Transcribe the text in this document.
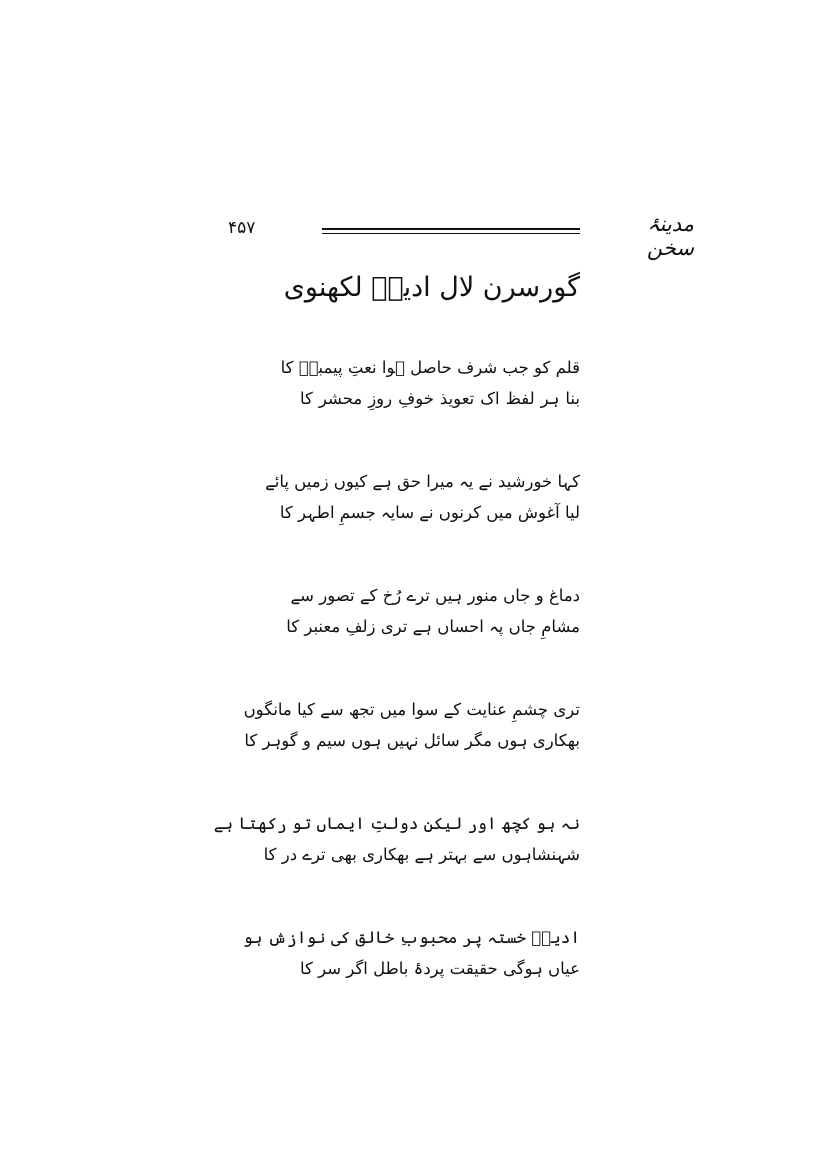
۴۵۷	مدینۂ سخن
گورسرن لال ادیبؔ لکھنوی
قلم کو جب شرف حاصل ہوا نعتِ پیمبرؐ کا
بنا ہر لفظ اک تعویذ خوفِ روزِ محشر کا
کہا خورشید نے یہ میرا حق ہے کیوں زمیں پائے
لیا آغوش میں کرنوں نے سایہ جسمِ اطہر کا
دماغ و جاں منور ہیں ترے رُخ کے تصور سے
مشامِ جاں پہ احساں ہے تری زلفِ معنبر کا
تری چشمِ عنایت کے سوا میں تجھ سے کیا مانگوں
بھکاری ہوں مگر سائل نہیں ہوں سیم و گوہر کا
نہ ہو کچھ اور لیکن دولتِ ایماں تو رکھتا ہے
شہنشاہوں سے بہتر ہے بھکاری بھی ترے در کا
ادیبؔ خستہ پر محبوبِ خالق کی نوازش ہو
عیاں ہوگی حقیقت پردۂ باطل اگر سر کا
